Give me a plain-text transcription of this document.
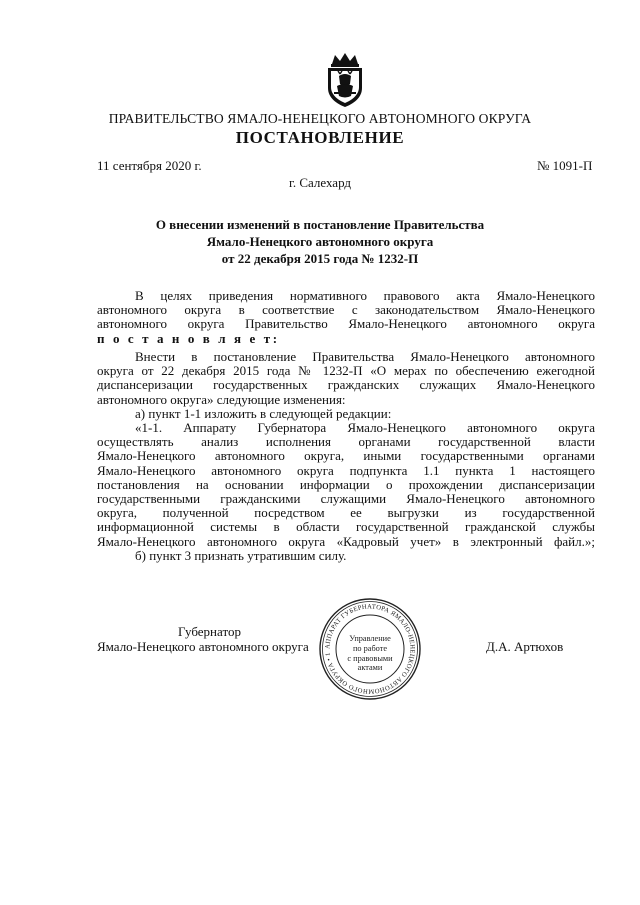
ПРАВИТЕЛЬСТВО ЯМАЛО-НЕНЕЦКОГО АВТОНОМНОГО ОКРУГА
ПОСТАНОВЛЕНИЕ
11 сентября 2020 г.	№ 1091-П
г. Салехард
О внесении изменений в постановление Правительства
Ямало-Ненецкого автономного округа
от 22 декабря 2015 года № 1232-П
В целях приведения нормативного правового акта Ямало-Ненецкого
автономного округа в соответствие с законодательством Ямало-Ненецкого
автономного округа Правительство Ямало-Ненецкого автономного округа
п о с т а н о в л я е т:
Внести в постановление Правительства Ямало-Ненецкого автономного
округа от 22 декабря 2015 года № 1232-П «О мерах по обеспечению ежегодной
диспансеризации государственных гражданских служащих Ямало-Ненецкого
автономного округа» следующие изменения:
а) пункт 1-1 изложить в следующей редакции:
«1-1. Аппарату Губернатора Ямало-Ненецкого автономного округа
осуществлять анализ исполнения органами государственной власти
Ямало-Ненецкого автономного округа, иными государственными органами
Ямало-Ненецкого автономного округа подпункта 1.1 пункта 1 настоящего
постановления на основании информации о прохождении диспансеризации
государственными гражданскими служащими Ямало-Ненецкого автономного
округа, полученной посредством ее выгрузки из государственной
информационной системы в области государственной гражданской службы
Ямало-Ненецкого автономного округа «Кадровый учет» в электронный файл.»;
б) пункт 3 признать утратившим силу.
Губернатор
Ямало-Ненецкого автономного округа	Д.А. Артюхов
АППАРАТ ГУБЕРНАТОРА ЯМАЛО-НЕНЕЦКОГО АВТОНОМНОГО ОКРУГА • 1
Управление
по работе
с правовыми
актами
